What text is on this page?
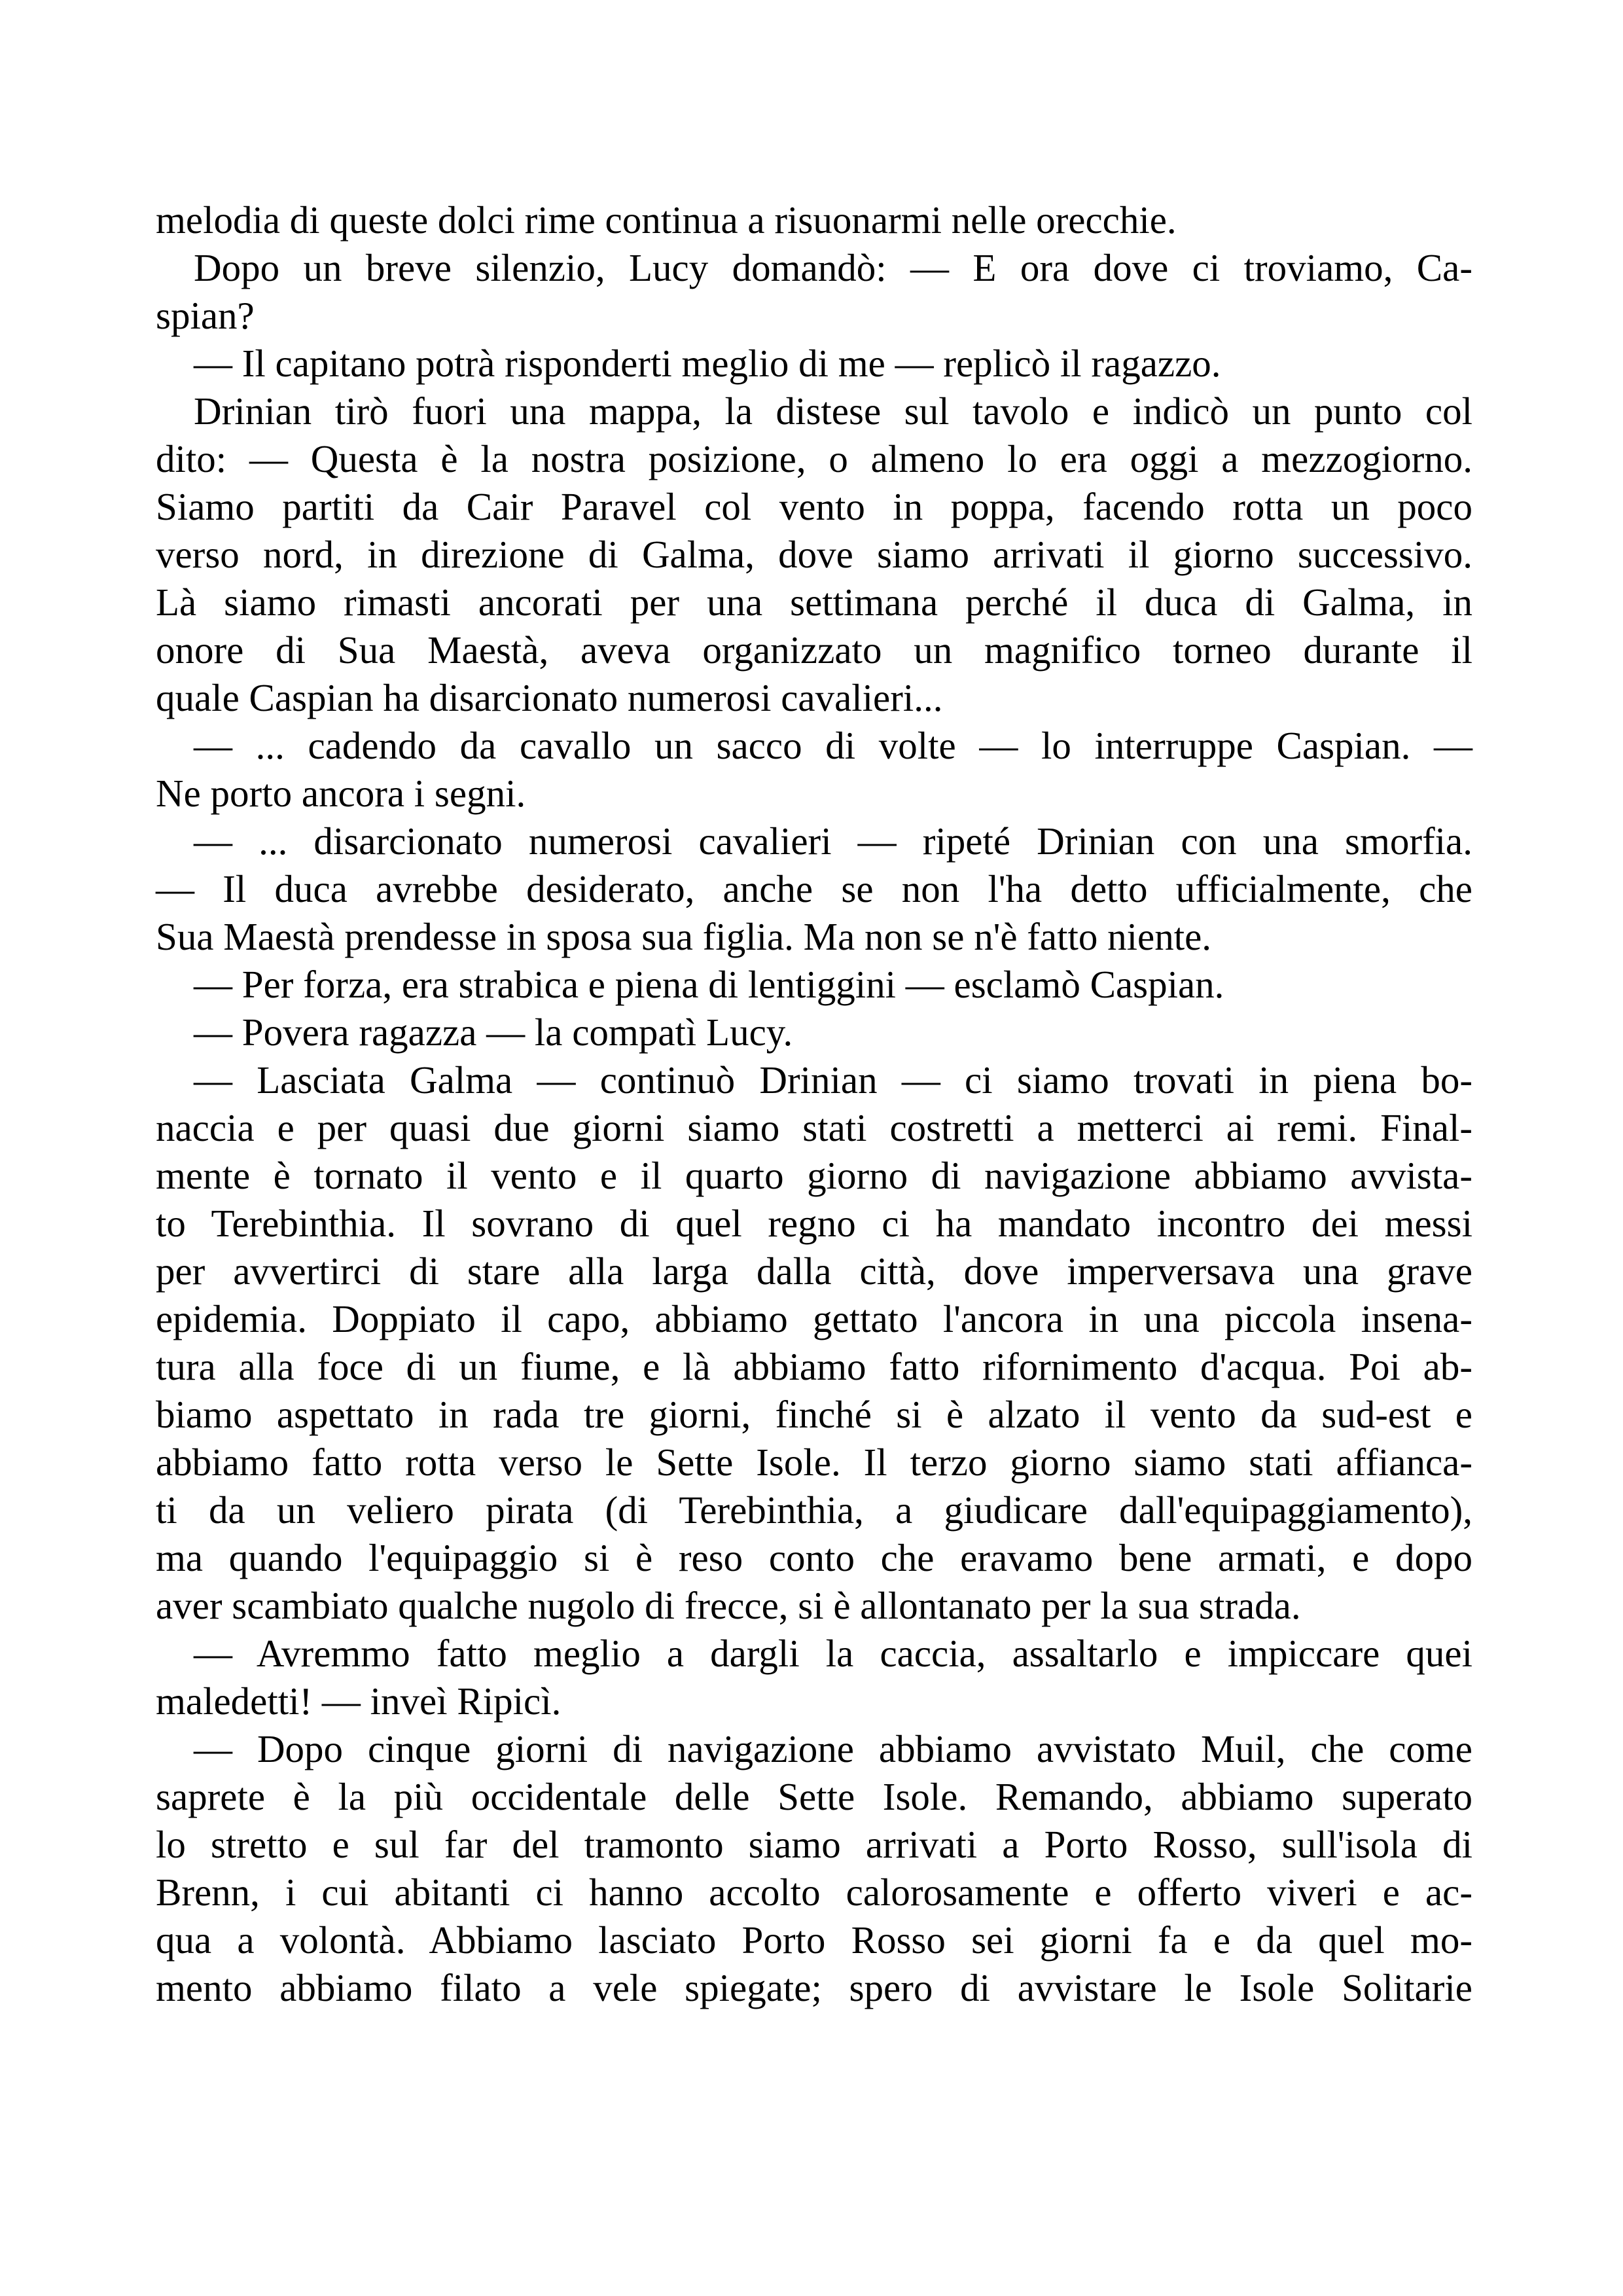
melodia di queste dolci rime continua a risuonarmi nelle orecchie.
Dopo un breve silenzio, Lucy domandò: — E ora dove ci troviamo, Ca-
spian?
— Il capitano potrà risponderti meglio di me — replicò il ragazzo.
Drinian tirò fuori una mappa, la distese sul tavolo e indicò un punto col
dito: — Questa è la nostra posizione, o almeno lo era oggi a mezzogiorno.
Siamo partiti da Cair Paravel col vento in poppa, facendo rotta un poco
verso nord, in direzione di Galma, dove siamo arrivati il giorno successivo.
Là siamo rimasti ancorati per una settimana perché il duca di Galma, in
onore di Sua Maestà, aveva organizzato un magnifico torneo durante il
quale Caspian ha disarcionato numerosi cavalieri...
— ... cadendo da cavallo un sacco di volte — lo interruppe Caspian. —
Ne porto ancora i segni.
— ... disarcionato numerosi cavalieri — ripeté Drinian con una smorfia.
— Il duca avrebbe desiderato, anche se non l'ha detto ufficialmente, che
Sua Maestà prendesse in sposa sua figlia. Ma non se n'è fatto niente.
— Per forza, era strabica e piena di lentiggini — esclamò Caspian.
— Povera ragazza — la compatì Lucy.
— Lasciata Galma — continuò Drinian — ci siamo trovati in piena bo-
naccia e per quasi due giorni siamo stati costretti a metterci ai remi. Final-
mente è tornato il vento e il quarto giorno di navigazione abbiamo avvista-
to Terebinthia. Il sovrano di quel regno ci ha mandato incontro dei messi
per avvertirci di stare alla larga dalla città, dove imperversava una grave
epidemia. Doppiato il capo, abbiamo gettato l'ancora in una piccola insena-
tura alla foce di un fiume, e là abbiamo fatto rifornimento d'acqua. Poi ab-
biamo aspettato in rada tre giorni, finché si è alzato il vento da sud-est e
abbiamo fatto rotta verso le Sette Isole. Il terzo giorno siamo stati affianca-
ti da un veliero pirata (di Terebinthia, a giudicare dall'equipaggiamento),
ma quando l'equipaggio si è reso conto che eravamo bene armati, e dopo
aver scambiato qualche nugolo di frecce, si è allontanato per la sua strada.
— Avremmo fatto meglio a dargli la caccia, assaltarlo e impiccare quei
maledetti! — inveì Ripicì.
— Dopo cinque giorni di navigazione abbiamo avvistato Muil, che come
saprete è la più occidentale delle Sette Isole. Remando, abbiamo superato
lo stretto e sul far del tramonto siamo arrivati a Porto Rosso, sull'isola di
Brenn, i cui abitanti ci hanno accolto calorosamente e offerto viveri e ac-
qua a volontà. Abbiamo lasciato Porto Rosso sei giorni fa e da quel mo-
mento abbiamo filato a vele spiegate; spero di avvistare le Isole Solitarie
